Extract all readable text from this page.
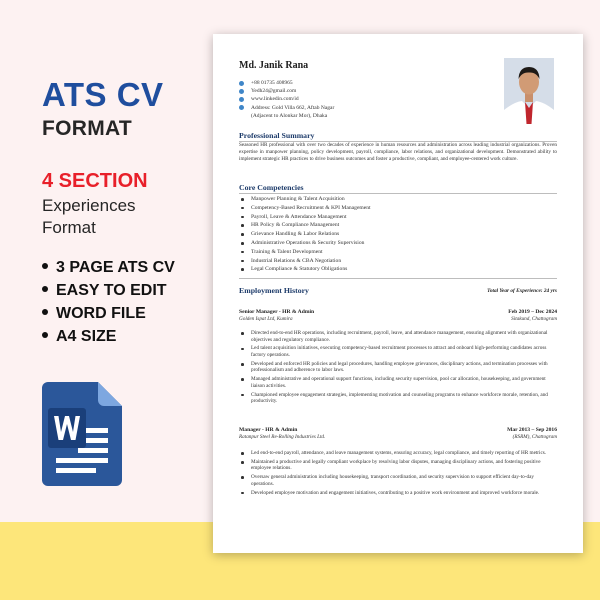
ATS CV
FORMAT
4 SECTION
Experiences
Format
3 PAGE ATS CV
EASY TO EDIT
WORD FILE
A4 SIZE
Md. Janik Rana
+88 01735 408965
Yedh24@gmail.com
www.linkedin.com/id
Address: Gold Villa 662, Aftab Nagar
(Adjacent to Alonkar Mor), Dhaka
Professional Summary
Seasoned HR professional with over two decades of experience in human resources and administration across leading industrial organizations. Proven expertise in manpower planning, policy development, payroll, compliance, labor relations, and organizational development. Demonstrated ability to implement strategic HR practices to drive business outcomes and foster a productive, compliant, and employee-centered work culture.
Core Competencies
Manpower Planning & Talent Acquisition
Competency-Based Recruitment & KPI Management
Payroll, Leave & Attendance Management
HR Policy & Compliance Management
Grievance Handling & Labor Relations
Administrative Operations & Security Supervision
Training & Talent Development
Industrial Relations & CBA Negotiation
Legal Compliance & Statutory Obligations
Employment History	Total Year of Experience: 24 yrs
Senior Manager - HR & Admin	Feb 2019 – Dec 2024
Golden Ispat Ltd, Kumira	Sitakund, Chattogram
Directed end-to-end HR operations, including recruitment, payroll, leave, and attendance management, ensuring alignment with organizational objectives and regulatory compliance.
Led talent acquisition initiatives, executing competency-based recruitment processes to attract and onboard high-performing candidates across factory operations.
Developed and enforced HR policies and legal procedures, handling employee grievances, disciplinary actions, and termination processes with professionalism and adherence to labor laws.
Managed administrative and operational support functions, including security supervision, pool car allocation, housekeeping, and government liaison activities.
Championed employee engagement strategies, implementing motivation and counseling programs to enhance workforce morale, retention, and productivity.
Manager - HR & Admin	Mar 2013 – Sep 2016
Ratanpur Steel Re-Rolling Industries Ltd.	(RSRM), Chattogram
Led end-to-end payroll, attendance, and leave management systems, ensuring accuracy, legal compliance, and timely reporting of HR metrics.
Maintained a productive and legally compliant workplace by resolving labor disputes, managing disciplinary actions, and fostering positive employee relations.
Oversaw general administration including housekeeping, transport coordination, and security supervision to support efficient day-to-day operations.
Developed employee motivation and engagement initiatives, contributing to a positive work environment and improved workforce morale.
